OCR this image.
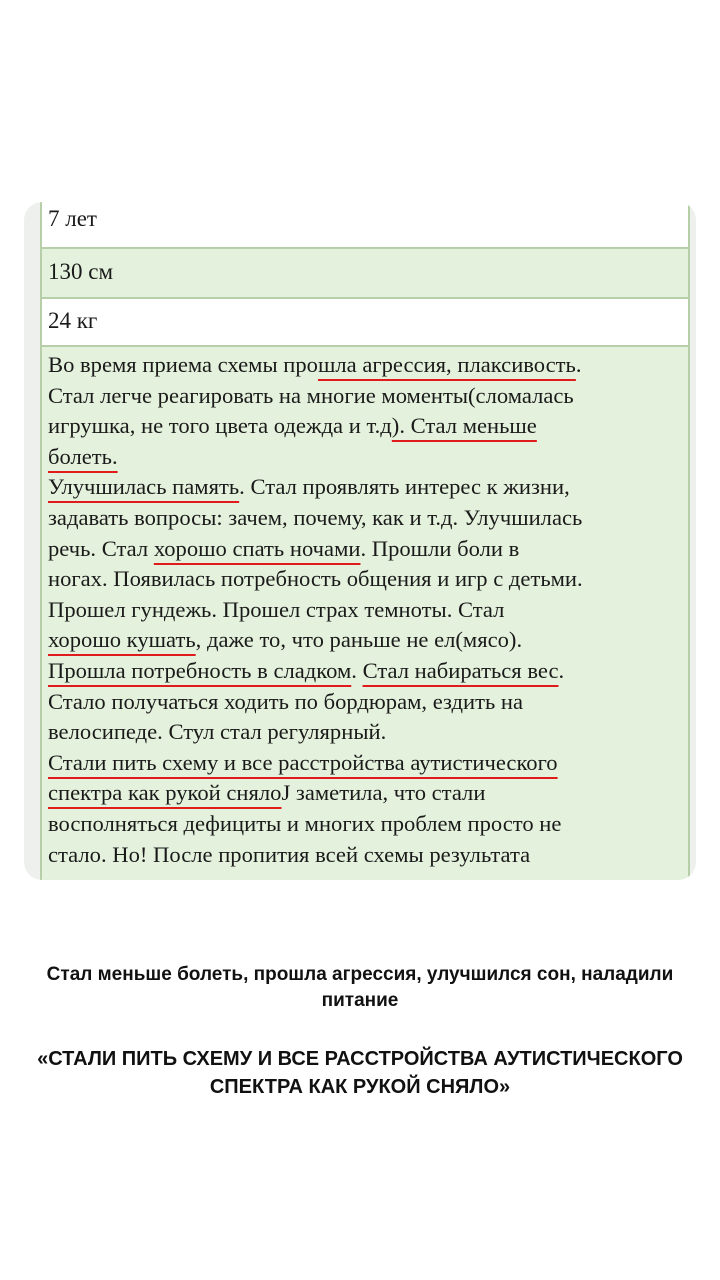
7 лет
130 см
24 кг
Во время приема схемы прошла агрессия, плаксивость.
Стал легче реагировать на многие моменты(сломалась
игрушка, не того цвета одежда и т.д). Стал меньше
болеть.
Улучшилась память. Стал проявлять интерес к жизни,
задавать вопросы: зачем, почему, как и т.д. Улучшилась
речь. Стал хорошо спать ночами. Прошли боли в
ногах. Появилась потребность общения и игр с детьми.
Прошел гундежь. Прошел страх темноты. Стал
хорошо кушать, даже то, что раньше не ел(мясо).
Прошла потребность в сладком. Стал набираться вес.
Стало получаться ходить по бордюрам, ездить на
велосипеде. Стул стал регулярный.
Стали пить схему и все расстройства аутистического
спектра как рукой снялоJ заметила, что стали
восполняться дефициты и многих проблем просто не
стало. Но! После пропития всей схемы результата
Стал меньше болеть, прошла агрессия, улучшился сон, наладили питание
«СТАЛИ ПИТЬ СХЕМУ И ВСЕ РАССТРОЙСТВА АУТИСТИЧЕСКОГО СПЕКТРА КАК РУКОЙ СНЯЛО»
